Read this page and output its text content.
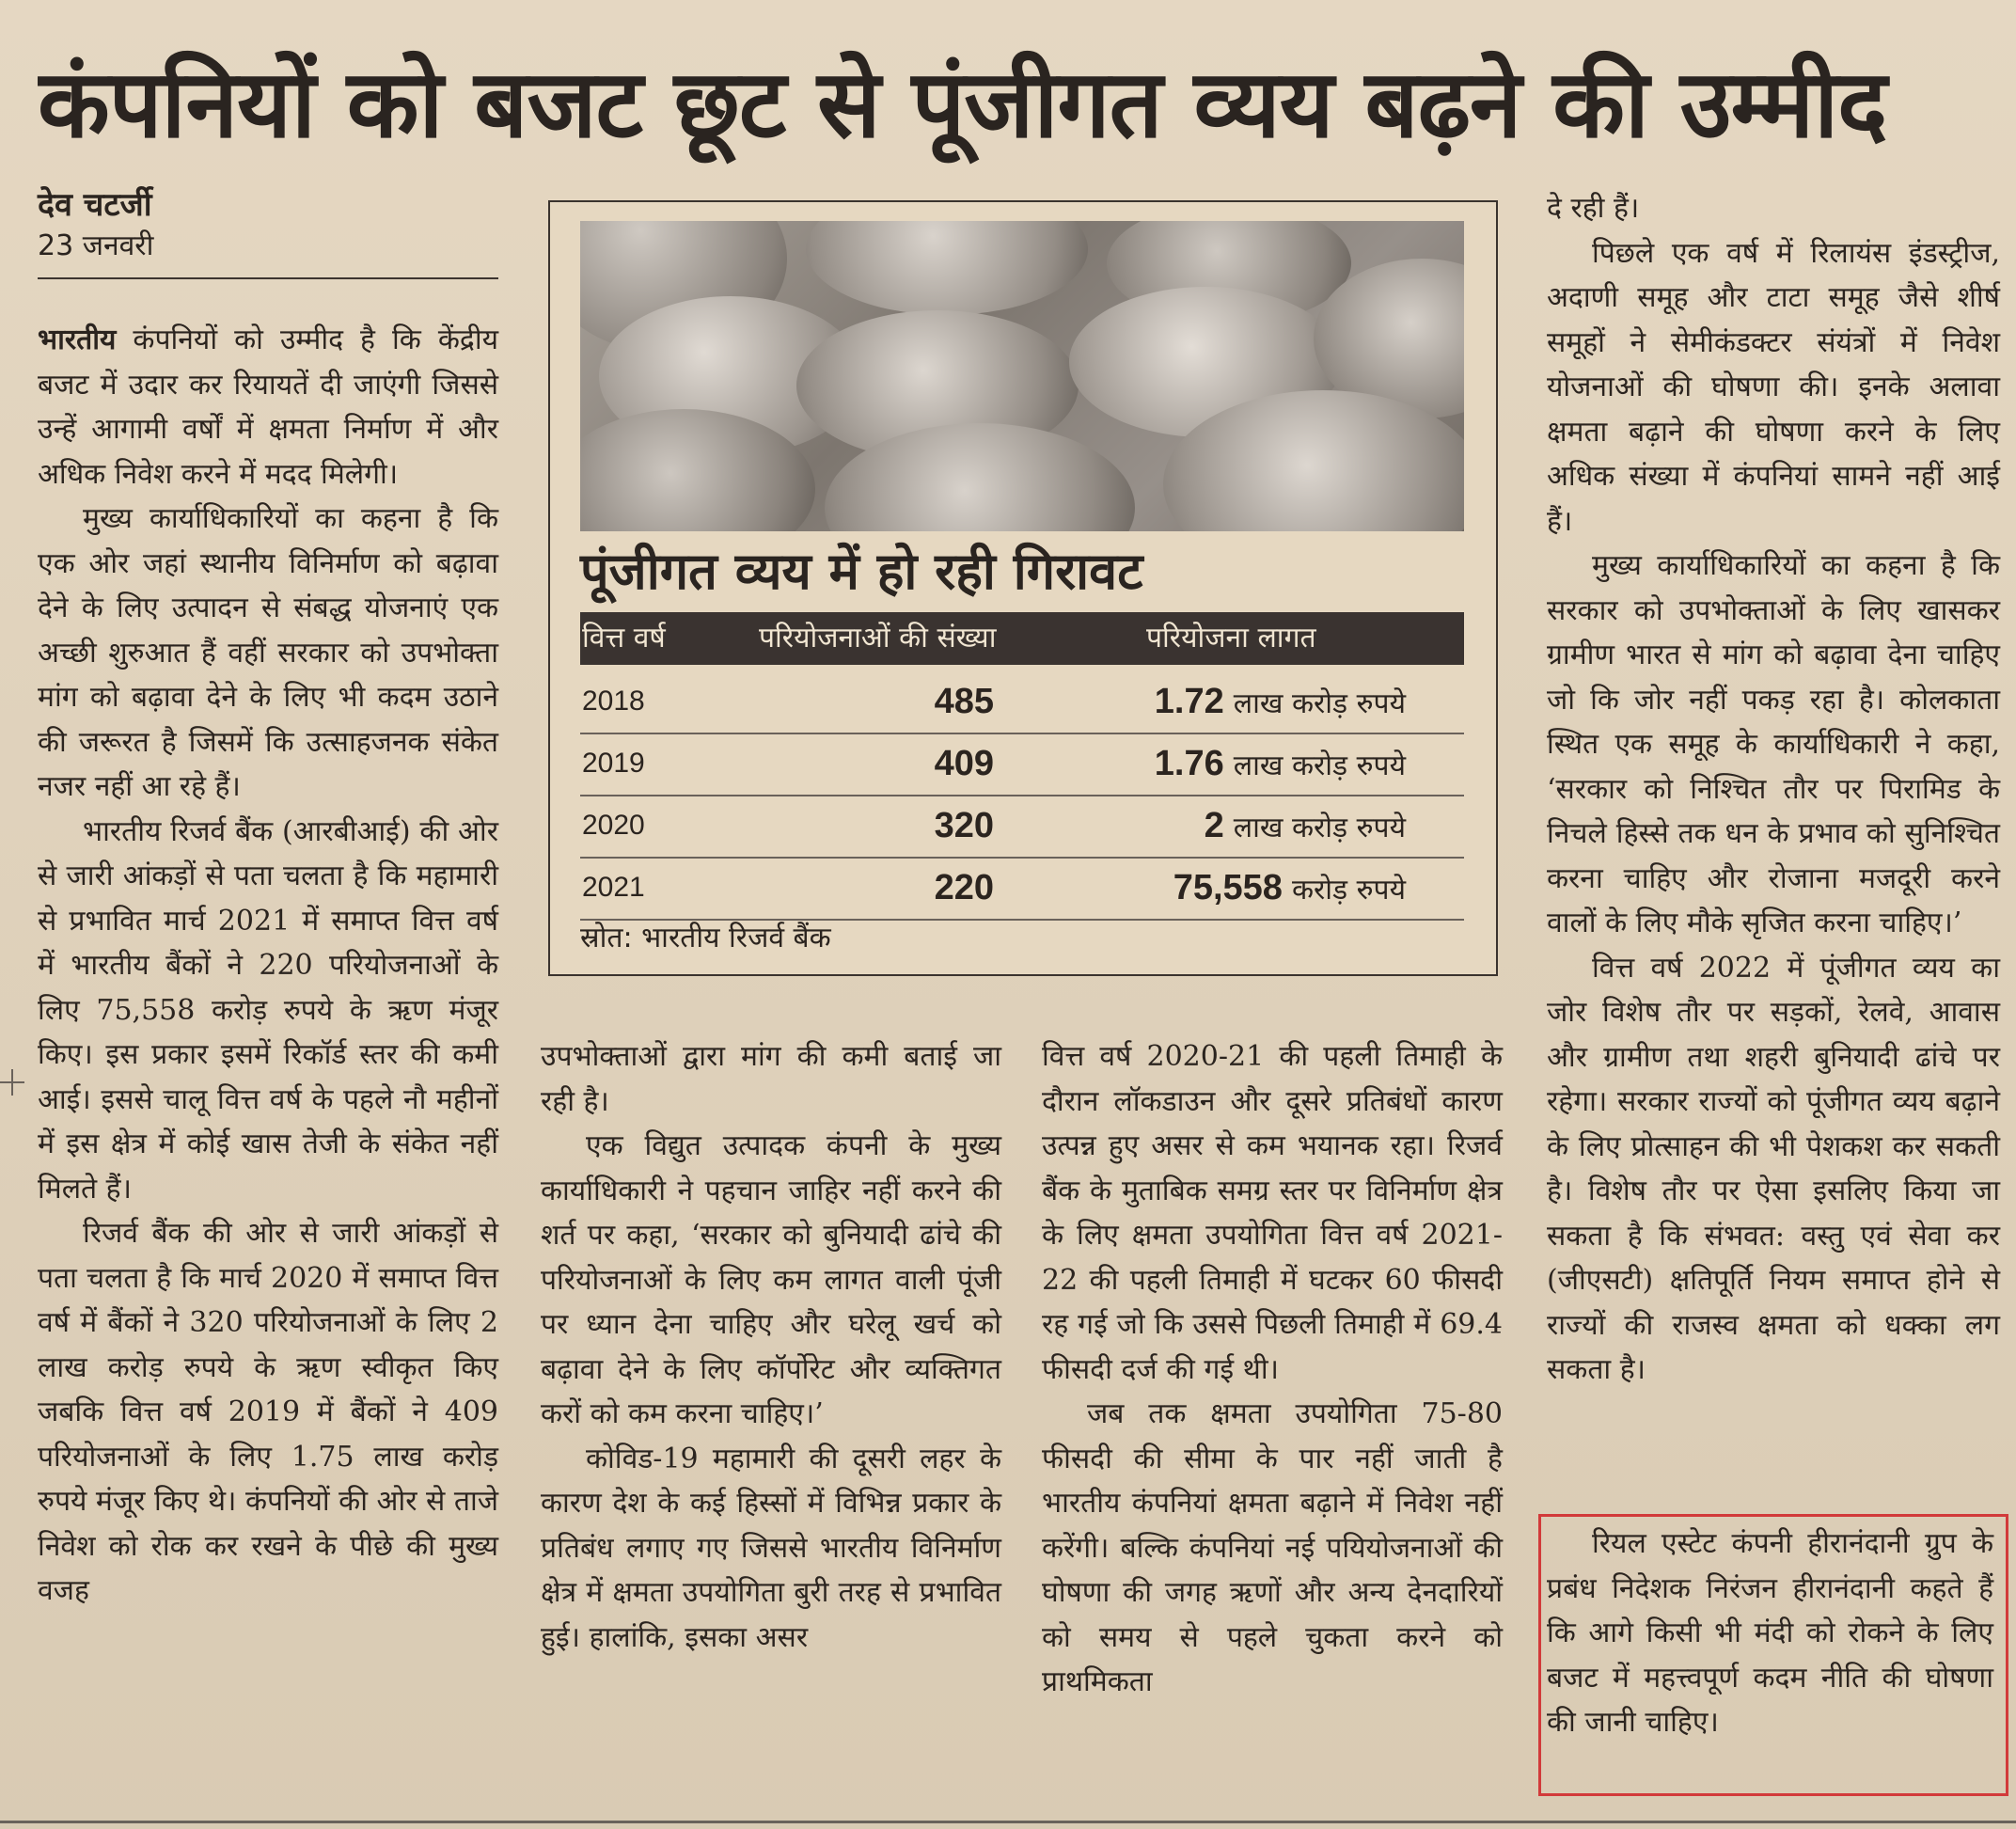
कंपनियों को बजट छूट से पूंजीगत व्यय बढ़ने की उम्मीद
देव चटर्जी
23 जनवरी

भारतीय कंपनियों को उम्मीद है कि केंद्रीय बजट में उदार कर रियायतें दी जाएंगी जिससे उन्हें आगामी वर्षों में क्षमता निर्माण में और अधिक निवेश करने में मदद मिलेगी।

मुख्य कार्याधिकारियों का कहना है कि एक ओर जहां स्थानीय विनिर्माण को बढ़ावा देने के लिए उत्पादन से संबद्ध योजनाएं एक अच्छी शुरुआत हैं वहीं सरकार को उपभोक्ता मांग को बढ़ावा देने के लिए भी कदम उठाने की जरूरत है जिसमें कि उत्साहजनक संकेत नजर नहीं आ रहे हैं।

भारतीय रिजर्व बैंक (आरबीआई) की ओर से जारी आंकड़ों से पता चलता है कि महामारी से प्रभावित मार्च 2021 में समाप्त वित्त वर्ष में भारतीय बैंकों ने 220 परियोजनाओं के लिए 75,558 करोड़ रुपये के ऋण मंजूर किए। इस प्रकार इसमें रिकॉर्ड स्तर की कमी आई। इससे चालू वित्त वर्ष के पहले नौ महीनों में इस क्षेत्र में कोई खास तेजी के संकेत नहीं मिलते हैं।

रिजर्व बैंक की ओर से जारी आंकड़ों से पता चलता है कि मार्च 2020 में समाप्त वित्त वर्ष में बैंकों ने 320 परियोजनाओं के लिए 2 लाख करोड़ रुपये के ऋण स्वीकृत किए जबकि वित्त वर्ष 2019 में बैंकों ने 409 परियोजनाओं के लिए 1.75 लाख करोड़ रुपये मंजूर किए थे। कंपनियों की ओर से ताजे निवेश को रोक कर रखने के पीछे की मुख्य वजह

पूंजीगत व्यय में हो रही गिरावट
वित्त वर्ष	परियोजनाओं की संख्या	परियोजना लागत
2018	485	1.72 लाख करोड़ रुपये
2019	409	1.76 लाख करोड़ रुपये
2020	320	2 लाख करोड़ रुपये
2021	220	75,558 करोड़ रुपये
स्रोत: भारतीय रिजर्व बैंक

उपभोक्ताओं द्वारा मांग की कमी बताई जा रही है।

एक विद्युत उत्पादक कंपनी के मुख्य कार्याधिकारी ने पहचान जाहिर नहीं करने की शर्त पर कहा, ‘सरकार को बुनियादी ढांचे की परियोजनाओं के लिए कम लागत वाली पूंजी पर ध्यान देना चाहिए और घरेलू खर्च को बढ़ावा देने के लिए कॉर्पोरेट और व्यक्तिगत करों को कम करना चाहिए।’

कोविड-19 महामारी की दूसरी लहर के कारण देश के कई हिस्सों में विभिन्न प्रकार के प्रतिबंध लगाए गए जिससे भारतीय विनिर्माण क्षेत्र में क्षमता उपयोगिता बुरी तरह से प्रभावित हुई। हालांकि, इसका असर

वित्त वर्ष 2020-21 की पहली तिमाही के दौरान लॉकडाउन और दूसरे प्रतिबंधों कारण उत्पन्न हुए असर से कम भयानक रहा। रिजर्व बैंक के मुताबिक समग्र स्तर पर विनिर्माण क्षेत्र के लिए क्षमता उपयोगिता वित्त वर्ष 2021-22 की पहली तिमाही में घटकर 60 फीसदी रह गई जो कि उससे पिछली तिमाही में 69.4 फीसदी दर्ज की गई थी।

जब तक क्षमता उपयोगिता 75-80 फीसदी की सीमा के पार नहीं जाती है भारतीय कंपनियां क्षमता बढ़ाने में निवेश नहीं करेंगी। बल्कि कंपनियां नई पयियोजनाओं की घोषणा की जगह ऋणों और अन्य देनदारियों को समय से पहले चुकता करने को प्राथमिकता

दे रही हैं।

पिछले एक वर्ष में रिलायंस इंडस्ट्रीज, अदाणी समूह और टाटा समूह जैसे शीर्ष समूहों ने सेमीकंडक्टर संयंत्रों में निवेश योजनाओं की घोषणा की। इनके अलावा क्षमता बढ़ाने की घोषणा करने के लिए अधिक संख्या में कंपनियां सामने नहीं आई हैं।

मुख्य कार्याधिकारियों का कहना है कि सरकार को उपभोक्ताओं के लिए खासकर ग्रामीण भारत से मांग को बढ़ावा देना चाहिए जो कि जोर नहीं पकड़ रहा है। कोलकाता स्थित एक समूह के कार्याधिकारी ने कहा, ‘सरकार को निश्चित तौर पर पिरामिड के निचले हिस्से तक धन के प्रभाव को सुनिश्चित करना चाहिए और रोजाना मजदूरी करने वालों के लिए मौके सृजित करना चाहिए।’

वित्त वर्ष 2022 में पूंजीगत व्यय का जोर विशेष तौर पर सड़कों, रेलवे, आवास और ग्रामीण तथा शहरी बुनियादी ढांचे पर रहेगा। सरकार राज्यों को पूंजीगत व्यय बढ़ाने के लिए प्रोत्साहन की भी पेशकश कर सकती है। विशेष तौर पर ऐसा इसलिए किया जा सकता है कि संभवत: वस्तु एवं सेवा कर (जीएसटी) क्षतिपूर्ति नियम समाप्त होने से राज्यों की राजस्व क्षमता को धक्का लग सकता है।

रियल एस्टेट कंपनी हीरानंदानी ग्रुप के प्रबंध निदेशक निरंजन हीरानंदानी कहते हैं कि आगे किसी भी मंदी को रोकने के लिए बजट में महत्त्वपूर्ण कदम नीति की घोषणा की जानी चाहिए।
